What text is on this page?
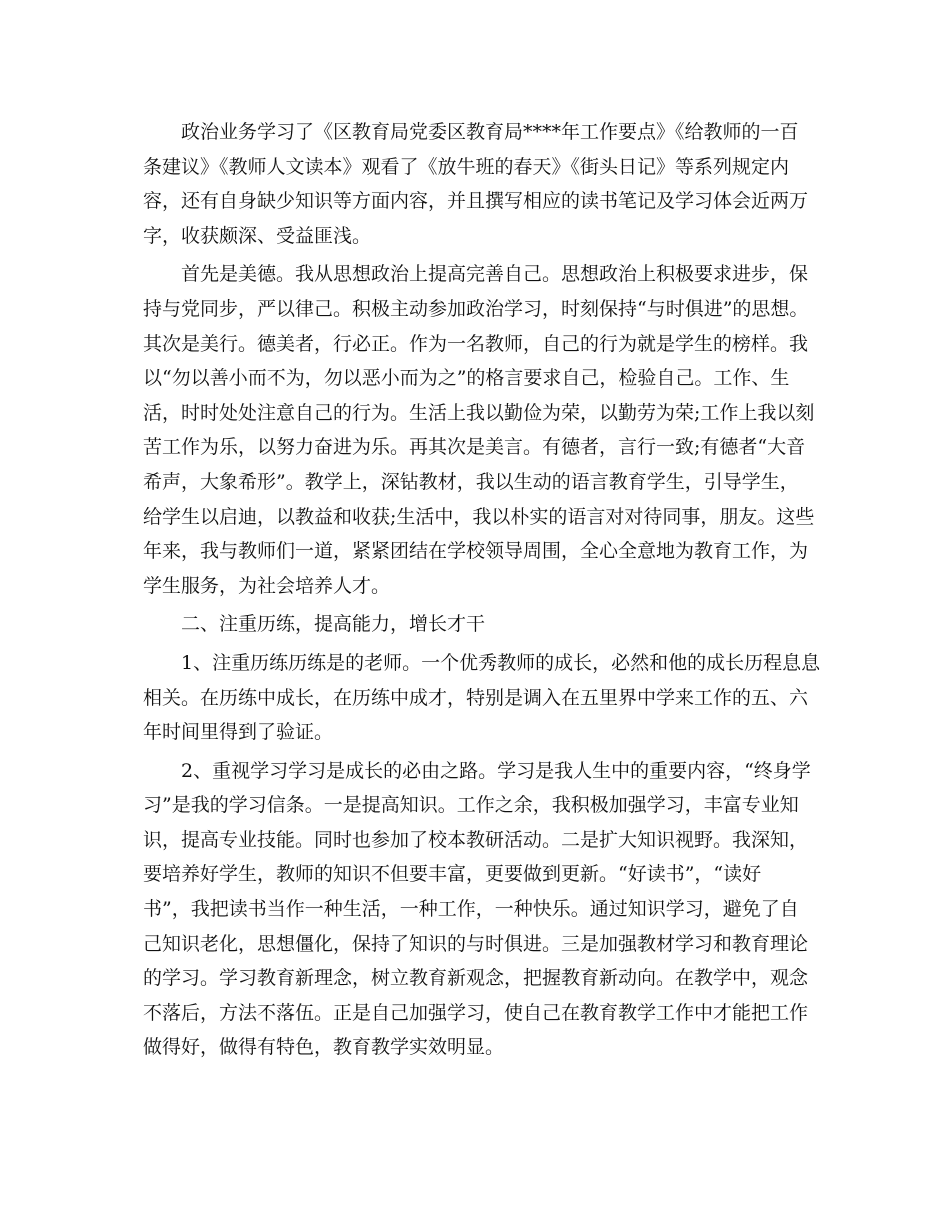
政治业务学习了《区教育局党委区教育局****年工作要点》《给教师的一百
条建议》《教师人文读本》观看了《放牛班的春天》《街头日记》等系列规定内
容，还有自身缺少知识等方面内容，并且撰写相应的读书笔记及学习体会近两万
字，收获颇深、受益匪浅。

首先是美德。我从思想政治上提高完善自己。思想政治上积极要求进步，保
持与党同步，严以律己。积极主动参加政治学习，时刻保持“与时俱进”的思想。
其次是美行。德美者，行必正。作为一名教师，自己的行为就是学生的榜样。我
以“勿以善小而不为，勿以恶小而为之”的格言要求自己，检验自己。工作、生
活，时时处处注意自己的行为。生活上我以勤俭为荣，以勤劳为荣;工作上我以刻
苦工作为乐，以努力奋进为乐。再其次是美言。有德者，言行一致;有德者“大音
希声，大象希形”。教学上，深钻教材，我以生动的语言教育学生，引导学生，
给学生以启迪，以教益和收获;生活中，我以朴实的语言对对待同事，朋友。这些
年来，我与教师们一道，紧紧团结在学校领导周围，全心全意地为教育工作，为
学生服务，为社会培养人才。

二、注重历练，提高能力，增长才干

1、注重历练历练是的老师。一个优秀教师的成长，必然和他的成长历程息息
相关。在历练中成长，在历练中成才，特别是调入在五里界中学来工作的五、六
年时间里得到了验证。

2、重视学习学习是成长的必由之路。学习是我人生中的重要内容，“终身学
习”是我的学习信条。一是提高知识。工作之余，我积极加强学习，丰富专业知
识，提高专业技能。同时也参加了校本教研活动。二是扩大知识视野。我深知，
要培养好学生，教师的知识不但要丰富，更要做到更新。“好读书”，“读好
书”，我把读书当作一种生活，一种工作，一种快乐。通过知识学习，避免了自
己知识老化，思想僵化，保持了知识的与时俱进。三是加强教材学习和教育理论
的学习。学习教育新理念，树立教育新观念，把握教育新动向。在教学中，观念
不落后，方法不落伍。正是自己加强学习，使自己在教育教学工作中才能把工作
做得好，做得有特色，教育教学实效明显。
